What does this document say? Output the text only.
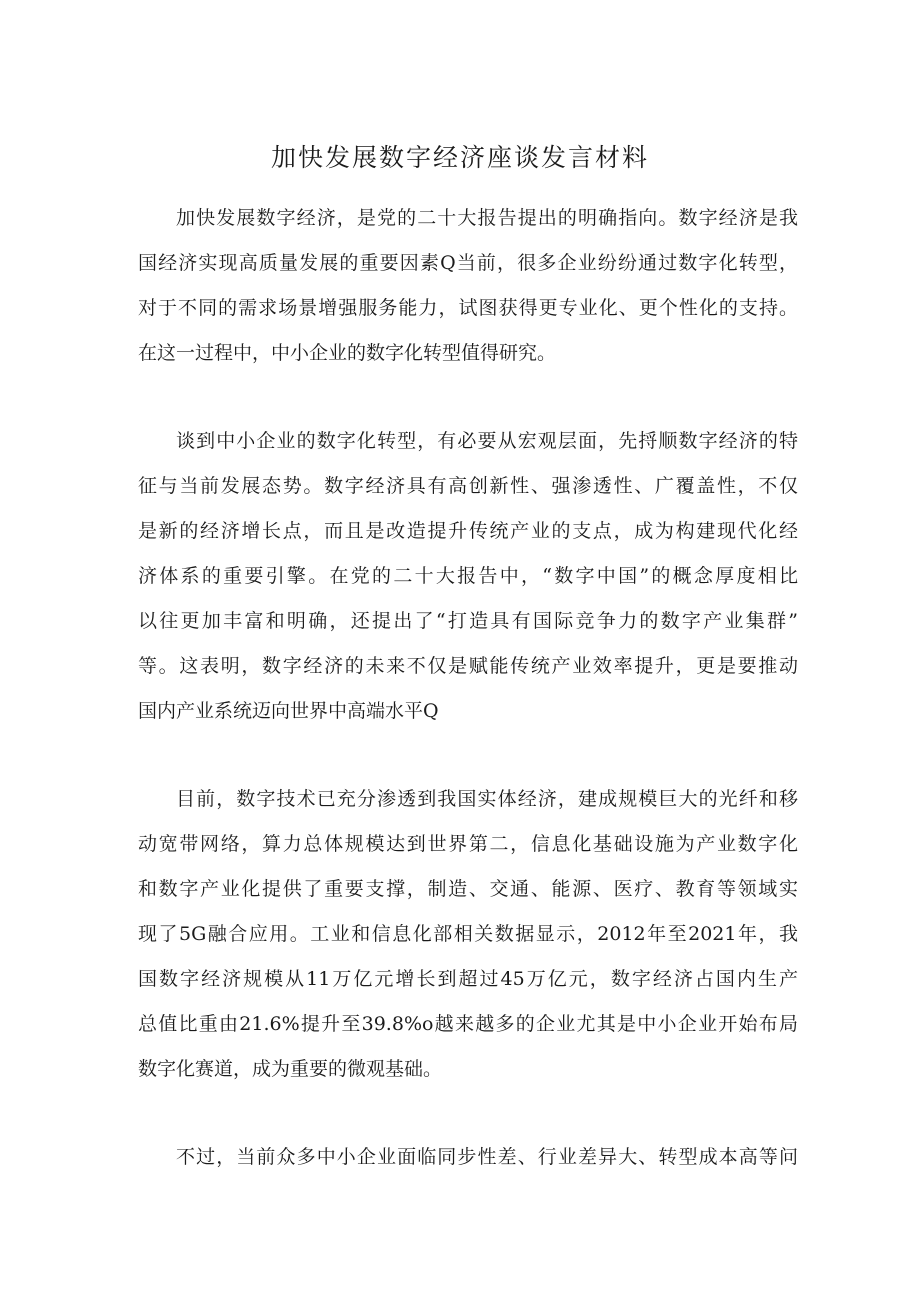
加快发展数字经济座谈发言材料
加快发展数字经济，是党的二十大报告提出的明确指向。数字经济是我
国经济实现高质量发展的重要因素Q当前，很多企业纷纷通过数字化转型，
对于不同的需求场景增强服务能力，试图获得更专业化、更个性化的支持。
在这一过程中，中小企业的数字化转型值得研究。
谈到中小企业的数字化转型，有必要从宏观层面，先捋顺数字经济的特
征与当前发展态势。数字经济具有高创新性、强渗透性、广覆盖性，不仅
是新的经济增长点，而且是改造提升传统产业的支点，成为构建现代化经
济体系的重要引擎。在党的二十大报告中，“数字中国”的概念厚度相比
以往更加丰富和明确，还提出了“打造具有国际竞争力的数字产业集群”
等。这表明，数字经济的未来不仅是赋能传统产业效率提升，更是要推动
国内产业系统迈向世界中高端水平Q
目前，数字技术已充分渗透到我国实体经济，建成规模巨大的光纤和移
动宽带网络，算力总体规模达到世界第二，信息化基础设施为产业数字化
和数字产业化提供了重要支撑，制造、交通、能源、医疗、教育等领域实
现了5G融合应用。工业和信息化部相关数据显示，2012年至2021年，我
国数字经济规模从11万亿元增长到超过45万亿元，数字经济占国内生产
总值比重由21.6%提升至39.8%o越来越多的企业尤其是中小企业开始布局
数字化赛道，成为重要的微观基础。
不过，当前众多中小企业面临同步性差、行业差异大、转型成本高等问
